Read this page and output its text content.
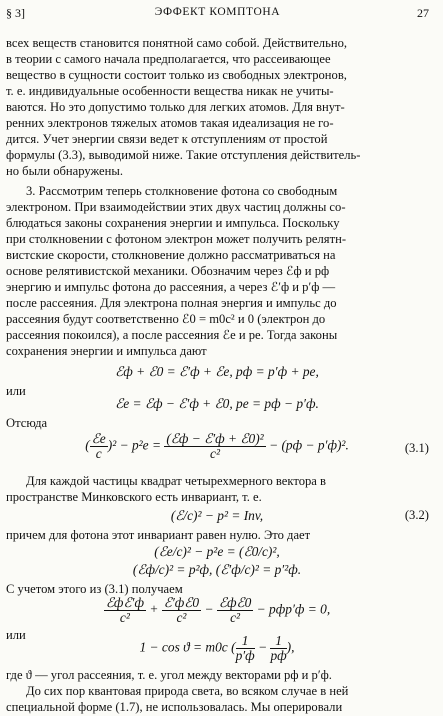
§ 3]	ЭФФЕКТ КОМПТОНА	27
всех веществ становится понятной само собой. Действительно,
в теории с самого начала предполагается, что рассеивающее
вещество в сущности состоит только из свободных электронов,
т. е. индивидуальные особенности вещества никак не учиты-
ваются. Но это допустимо только для легких атомов. Для внут-
ренних электронов тяжелых атомов такая идеализация не го-
дится. Учет энергии связи ведет к отступлениям от простой
формулы (3.3), выводимой ниже. Такие отступления действитель-
но были обнаружены.
3. Рассмотрим теперь столкновение фотона со свободным
электроном. При взаимодействии этих двух частиц должны со-
блюдаться законы сохранения энергии и импульса. Поскольку
при столкновении с фотоном электрон может получить релятн-
вистские скорости, столкновение должно рассматриваться на
основе релятивистской механики. Обозначим через ℰф и pф
энергию и импульс фотона до рассеяния, а через ℰ′ф и p′ф —
после рассеяния. Для электрона полная энергия и импульс до
рассеяния будут соответственно ℰ0 = m0c² и 0 (электрон до
рассеяния покоился), а после рассеяния ℰe и pe. Тогда законы
сохранения энергии и импульса дают
ℰф + ℰ0 = ℰ′ф + ℰe, pф = p′ф + pe,
или
ℰe = ℰф − ℰ′ф + ℰ0, pe = pф − p′ф.
Отсюда
( $\frac{\text{ℰe}}{c} )^2 - p^2e = \frac{\text{(ℰф − ℰ′ф + ℰ0)²}}{\text{c²}} - (pф - p'ф)^2$.	(3.1)
Для каждой частицы квадрат четырехмерного вектора в
пространстве Минковского есть инвариант, т. е.
(ℰ/c)² − p² = Inv,	(3.2)
причем для фотона этот инвариант равен нулю. Это дает
(ℰe/c)² − p²e = (ℰ0/c)²,
(ℰф/c)² = p²ф, (ℰ′ф/c)² = p′²ф.
С учетом этого из (3.1) получаем
$\frac{\text{ℰфℰ′ф}}{\text{c²}} + \frac{\text{ℰ′фℰ0}}{\text{c²}} - \frac{\text{ℰфℰ0}}{\text{c²}} - pфp'ф = 0$,
или
1 − cos ϑ = m0c ( $\frac{1}{p'ф} - \frac{1}{pф}$ ),
где ϑ — угол рассеяния, т. е. угол между векторами pф и p′ф.
До сих пор квантовая природа света, во всяком случае в ней
специальной форме (1.7), не использовалась. Мы оперировали
